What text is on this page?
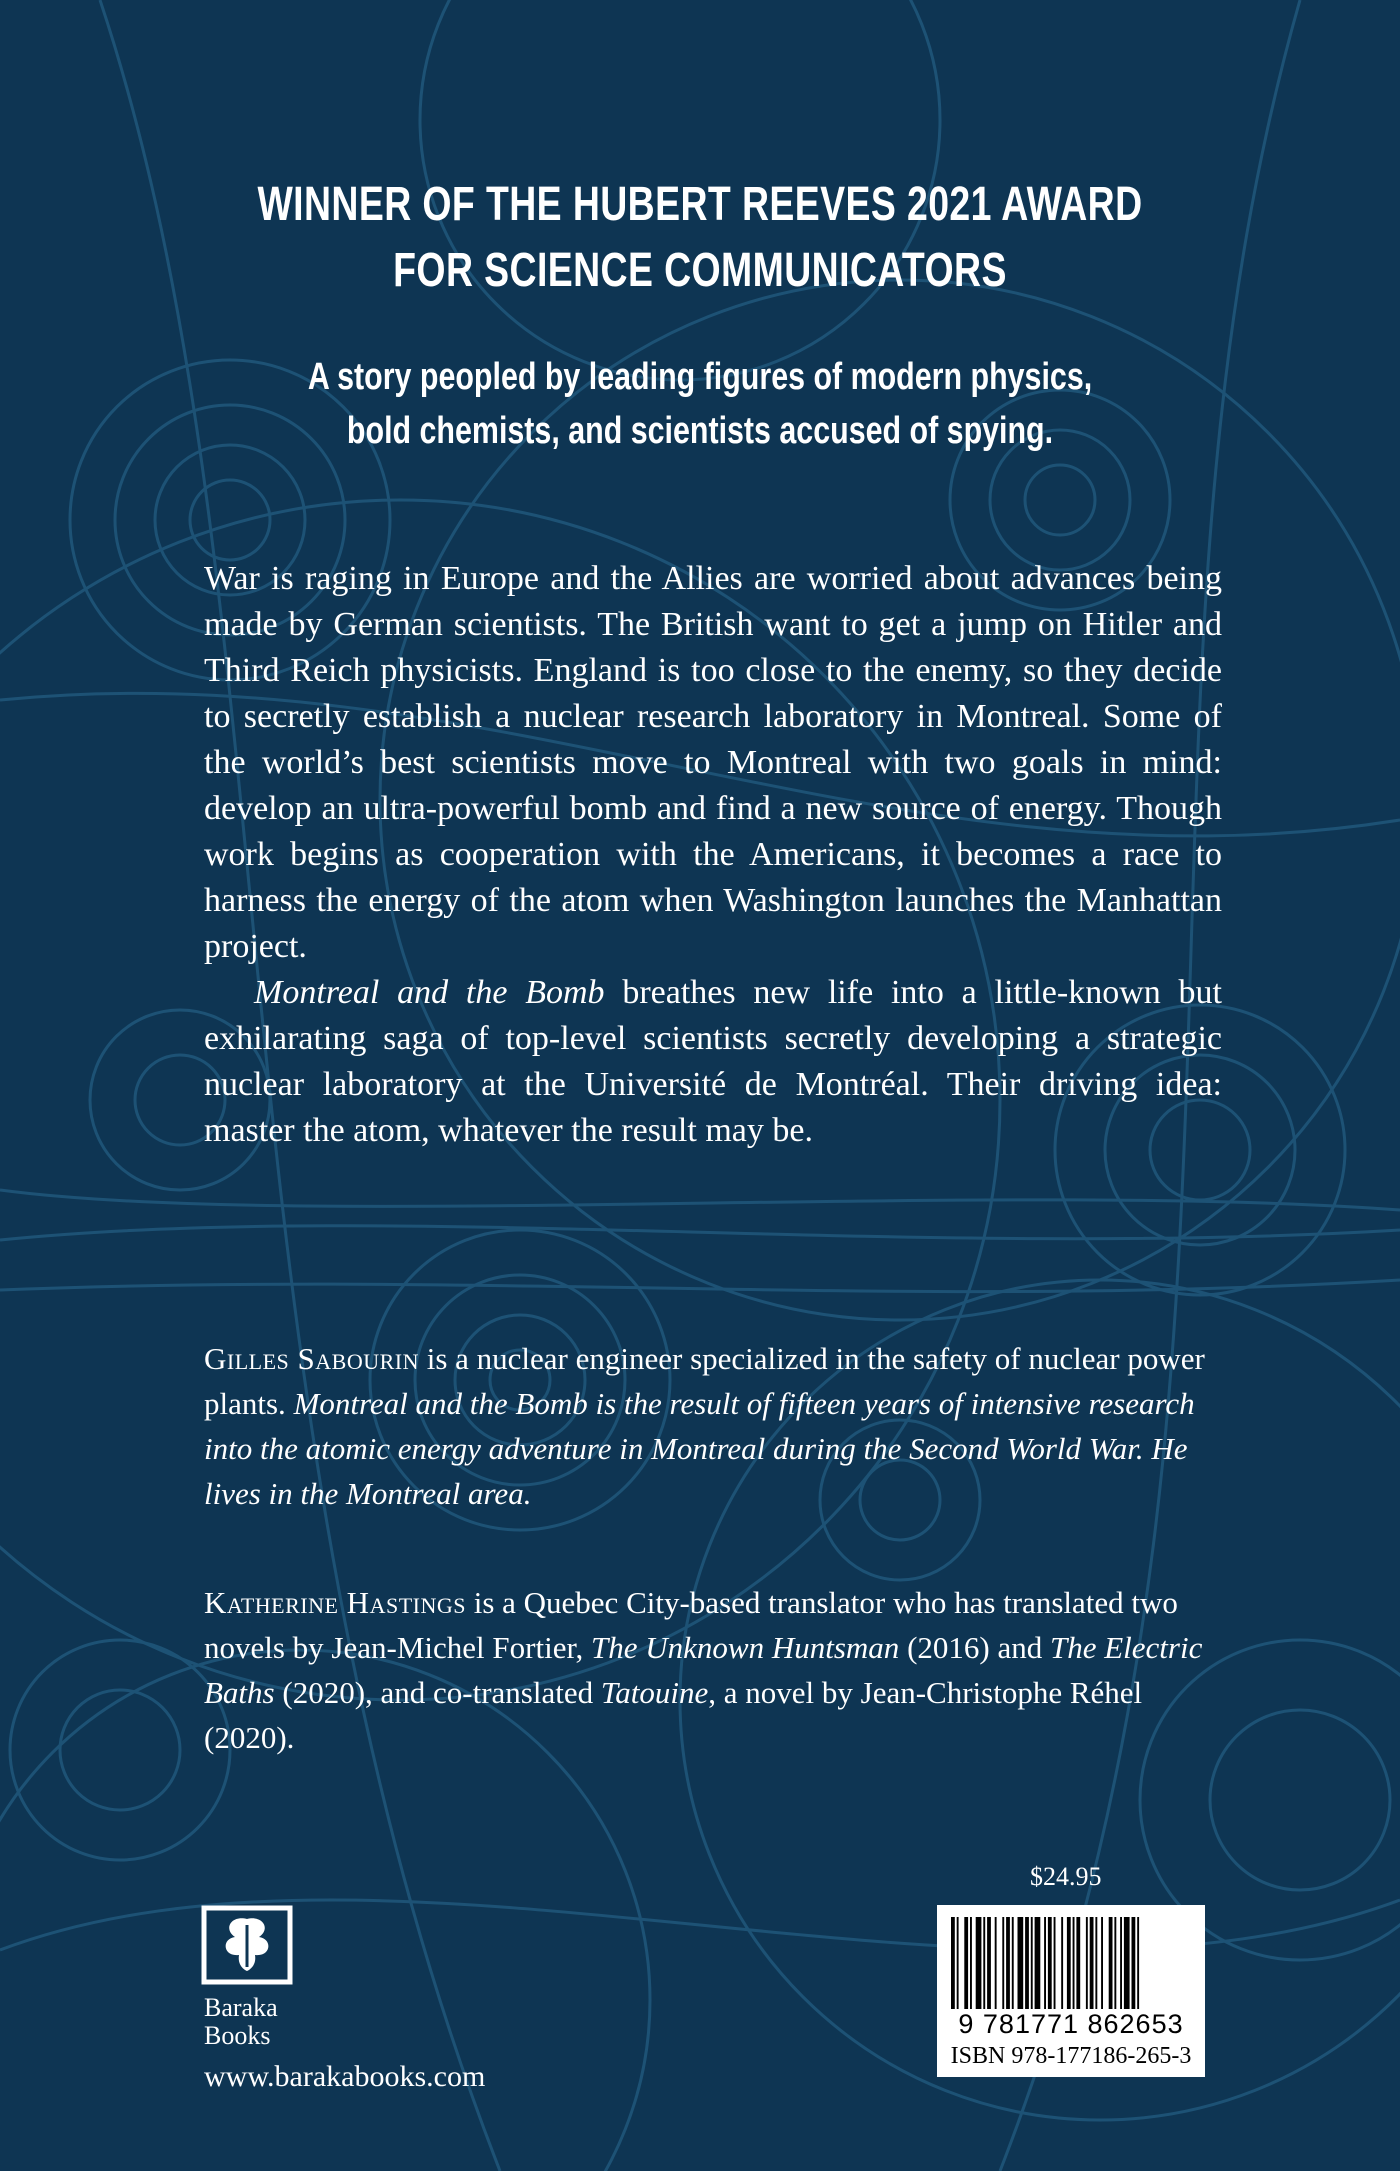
WINNER OF THE HUBERT REEVES 2021 AWARD
FOR SCIENCE COMMUNICATORS
A story peopled by leading figures of modern physics,
bold chemists, and scientists accused of spying.

War is raging in Europe and the Allies are worried about advances being made by German scientists. The British want to get a jump on Hitler and Third Reich physicists. England is too close to the enemy, so they decide to secretly establish a nuclear research laboratory in Montreal. Some of the world’s best scientists move to Montreal with two goals in mind: develop an ultra-powerful bomb and find a new source of energy. Though work begins as cooperation with the Americans, it becomes a race to harness the energy of the atom when Washington launches the Manhattan project.

Montreal and the Bomb breathes new life into a little-known but exhilarating saga of top-level scientists secretly developing a strategic nuclear laboratory at the Université de Montréal. Their driving idea: master the atom, whatever the result may be.

Gilles Sabourin is a nuclear engineer specialized in the safety of nuclear power plants. Montreal and the Bomb is the result of fifteen years of intensive research into the atomic energy adventure in Montreal during the Second World War. He lives in the Montreal area.

Katherine Hastings is a Quebec City-based translator who has translated two novels by Jean-Michel Fortier, The Unknown Huntsman (2016) and The Electric Baths (2020), and co-translated Tatouine, a novel by Jean-Christophe Réhel (2020).

Baraka
Books
www.barakabooks.com
$24.95
9 781771 862653
ISBN 978-177186-265-3
